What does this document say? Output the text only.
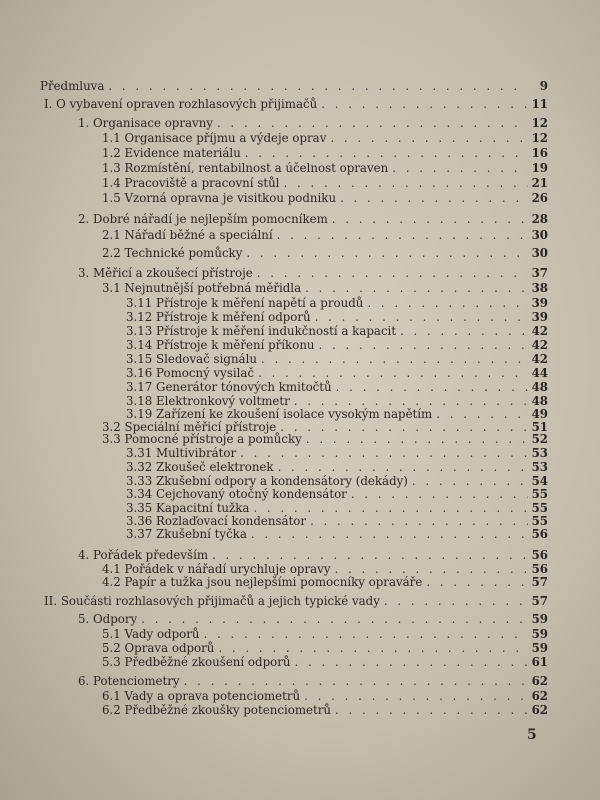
Předmluva . . .	9
I. O vybavení opraven rozhlasových přijimačů . . .	11
1. Organisace opravny . . .	12
1.1 Organisace příjmu a výdeje oprav . . .	12
1.2 Evidence materiálu . . .	16
1.3 Rozmístění, rentabilnost a účelnost opraven . . .	19
1.4 Pracoviště a pracovní stůl . . .	21
1.5 Vzorná opravna je visitkou podniku . . .	26
2. Dobré nářadí je nejlepším pomocníkem . . .	28
2.1 Nářadí běžné a speciální . . .	30
2.2 Technické pomůcky . . .	30
3. Měřicí a zkoušecí přístroje . . .	37
3.1 Nejnutnější potřebná měřidla . . .	38
3.11 Přístroje k měření napětí a proudů . . .	39
3.12 Přístroje k měření odporů . . .	39
3.13 Přístroje k měření indukčností a kapacit . . .	42
3.14 Přístroje k měření příkonu . . .	42
3.15 Sledovač signálu . . .	42
3.16 Pomocný vysilač . . .	44
3.17 Generátor tónových kmitočtů . . .	48
3.18 Elektronkový voltmetr . . .	48
3.19 Zařízení ke zkoušení isolace vysokým napětím . . .	49
3.2 Speciální měřicí přístroje . . .	51
3.3 Pomocné přístroje a pomůcky . . .	52
3.31 Multivibrátor . . .	53
3.32 Zkoušeč elektronek . . .	53
3.33 Zkušební odpory a kondensátory (dekády) . . .	54
3.34 Cejchovaný otočný kondensátor . . .	55
3.35 Kapacitní tužka . . .	55
3.36 Rozlaďovací kondensátor . . .	55
3.37 Zkušební tyčka . . .	56
4. Pořádek především . . .	56
4.1 Pořádek v nářadí urychluje opravy . . .	56
4.2 Papír a tužka jsou nejlepšími pomocníky opraváře . . .	57
II. Součásti rozhlasových přijimačů a jejich typické vady . . .	57
5. Odpory . . .	59
5.1 Vady odporů . . .	59
5.2 Oprava odporů . . .	59
5.3 Předběžné zkoušení odporů . . .	61
6. Potenciometry . . .	62
6.1 Vady a oprava potenciometrů . . .	62
6.2 Předběžné zkoušky potenciometrů . . .	62
5
